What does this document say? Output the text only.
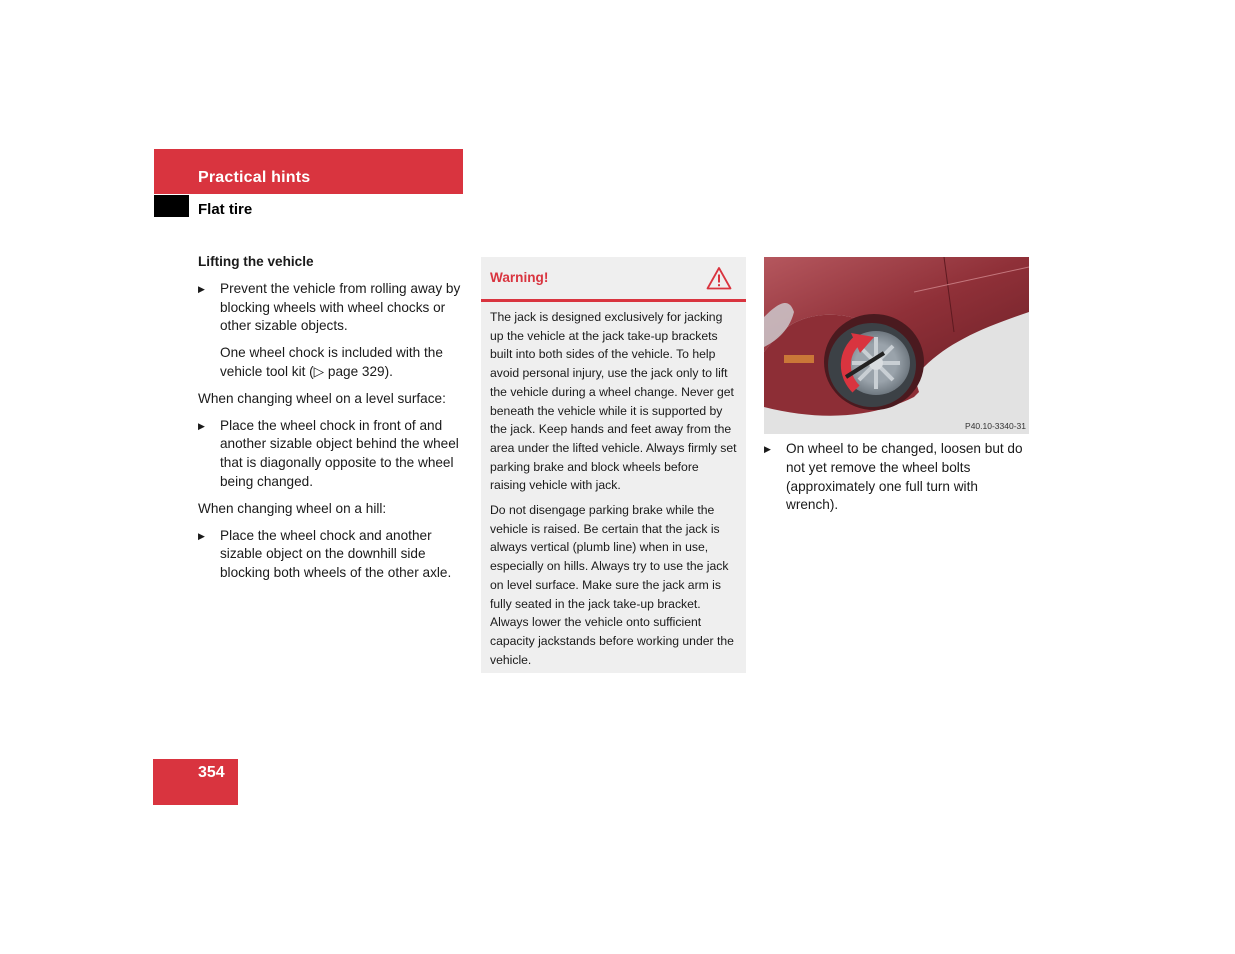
Practical hints
Flat tire
Lifting the vehicle
▶ Prevent the vehicle from rolling away by blocking wheels with wheel chocks or other sizable objects.
One wheel chock is included with the vehicle tool kit (▷ page 329).
When changing wheel on a level surface:
▶ Place the wheel chock in front of and another sizable object behind the wheel that is diagonally opposite to the wheel being changed.
When changing wheel on a hill:
▶ Place the wheel chock and another sizable object on the downhill side blocking both wheels of the other axle.
Warning!

The jack is designed exclusively for jacking up the vehicle at the jack take-up brackets built into both sides of the vehicle. To help avoid personal injury, use the jack only to lift the vehicle during a wheel change. Never get beneath the vehicle while it is supported by the jack. Keep hands and feet away from the area under the lifted vehicle. Always firmly set parking brake and block wheels before raising vehicle with jack.

Do not disengage parking brake while the vehicle is raised. Be certain that the jack is always vertical (plumb line) when in use, especially on hills. Always try to use the jack on level surface. Make sure the jack arm is fully seated in the jack take-up bracket. Always lower the vehicle onto sufficient capacity jackstands before working under the vehicle.

P40.10-3340-31
▶ On wheel to be changed, loosen but do not yet remove the wheel bolts (approximately one full turn with wrench).
354
